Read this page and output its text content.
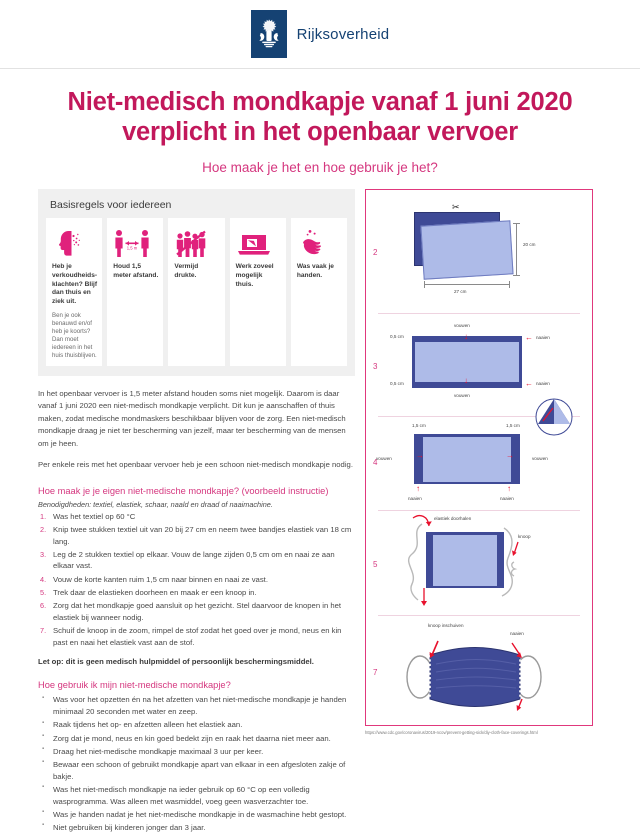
Rijksoverheid
Niet-medisch mondkapje vanaf 1 juni 2020
verplicht in het openbaar vervoer
Hoe maak je het en hoe gebruik je het?
Basisregels voor iedereen
Heb je verkoudheidsklachten? Blijf dan thuis en ziek uit.
Ben je ook benauwd en/of heb je koorts? Dan moet iedereen in het huis thuisblijven.
1,5 m
Houd 1,5 meter afstand.
Vermijd drukte.
Werk zoveel mogelijk thuis.
Was vaak je handen.
In het openbaar vervoer is 1,5 meter afstand houden soms niet mogelijk. Daarom is daar vanaf 1 juni 2020 een niet-medisch mondkapje verplicht. Dit kun je aanschaffen of thuis maken, zodat medische mondmaskers beschikbaar blijven voor de zorg. Een niet-medisch mondkapje draag je niet ter bescherming van jezelf, maar ter bescherming van de mensen om je heen.
Per enkele reis met het openbaar vervoer heb je een schoon niet-medisch mondkapje nodig.
Hoe maak je je eigen niet-medische mondkapje? (voorbeeld instructie)
Benodigdheden: textiel, elastiek, schaar, naald en draad of naaimachine.
Was het textiel op 60 °C
Knip twee stukken textiel uit van 20 bij 27 cm en neem twee bandjes elastiek van 18 cm lang.
Leg de 2 stukken textiel op elkaar. Vouw de lange zijden 0,5 cm om en naai ze aan elkaar vast.
Vouw de korte kanten ruim 1,5 cm naar binnen en naai ze vast.
Trek daar de elastieken doorheen en maak er een knoop in.
Zorg dat het mondkapje goed aansluit op het gezicht. Stel daarvoor de knopen in het elastiek bij wanneer nodig.
Schuif de knoop in de zoom, rimpel de stof zodat het goed over je mond, neus en kin past en naai het elastiek vast aan de stof.
Let op: dit is geen medisch hulpmiddel of persoonlijk beschermingsmiddel.
Hoe gebruik ik mijn niet-medische mondkapje?
▪ Was voor het opzetten én na het afzetten van het niet-medische mondkapje je handen minimaal 20 seconden met water en zeep.
▪ Raak tijdens het op- en afzetten alleen het elastiek aan.
▪ Zorg dat je mond, neus en kin goed bedekt zijn en raak het daarna niet meer aan.
▪ Draag het niet-medische mondkapje maximaal 3 uur per keer.
▪ Bewaar een schoon of gebruikt mondkapje apart van elkaar in een afgesloten zakje of bakje.
▪ Was het niet-medisch mondkapje na ieder gebruik op 60 °C op een volledig wasprogramma. Was alleen met wasmiddel, voeg geen wasverzachter toe.
▪ Was je handen nadat je het niet-medische mondkapje in de wasmachine hebt gestopt.
▪ Niet gebruiken bij kinderen jonger dan 3 jaar.
2
✂
20 cm
27 cm
3
0,5 cm
0,5 cm
vouwen
vouwen
naaien
naaien
↓
↓
←
←
4
1,5 cm	1,5 cm
vouwen	vouwen
naaien	naaien
→	→
↑	↑
5
elastiek doorhalen
knoop
7
knoop inschuiven
naaien
https://www.cdc.gov/coronavirus/2019-ncov/prevent-getting-sick/diy-cloth-face-coverings.html
